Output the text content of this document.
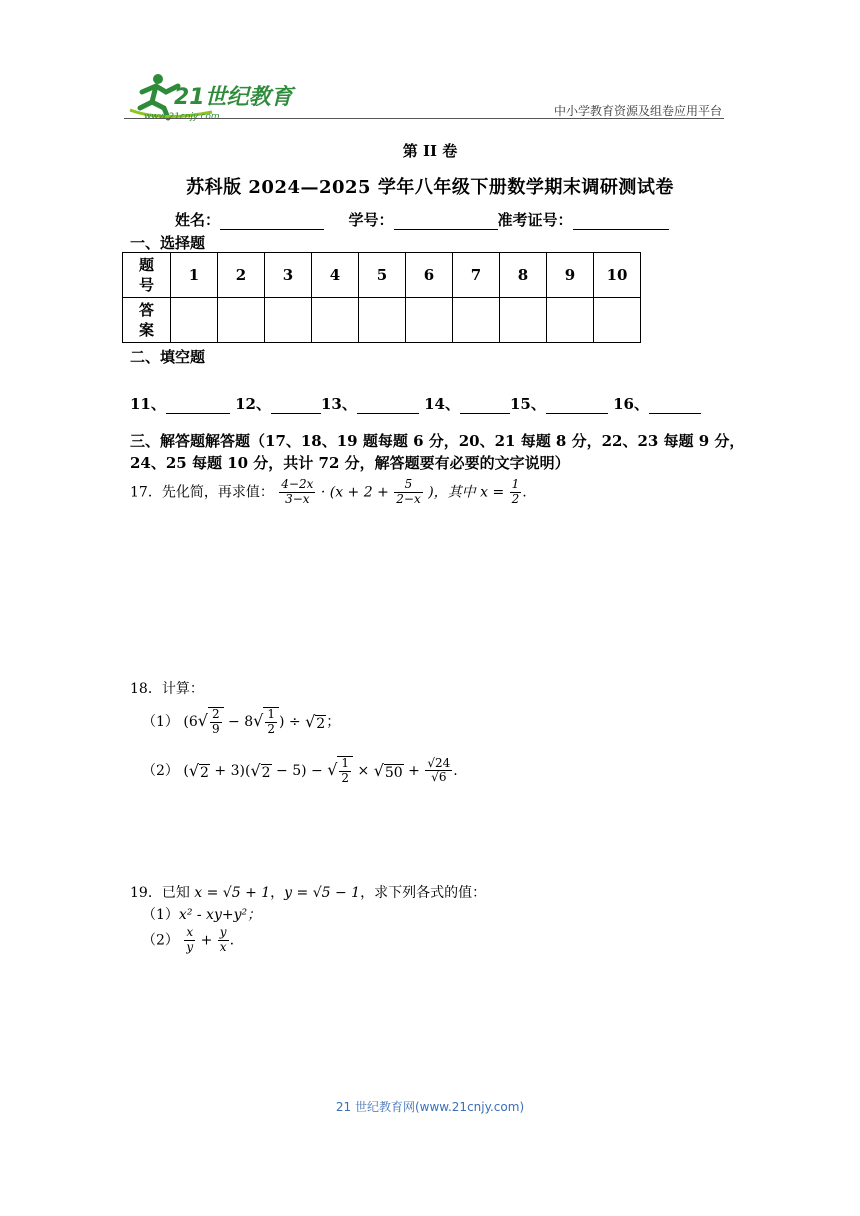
21世纪教育
www.21cnjy.com	中小学教育资源及组卷应用平台
第 II 卷
苏科版 2024—2025 学年八年级下册数学期末调研测试卷
姓名：	学号：	准考证号：
一、选择题
题
号	1	2	3	4	5	6	7	8	9	10
答
案										
二、填空题
11、	12、	13、	14、	15、	16、
三、解答题解答题（17、18、19 题每题 6 分，20、21 每题 8 分，22、23 每题 9 分，24、25 每题 10 分，共计 72 分，解答题要有必要的文字说明）
17．先化简，再求值： $\frac{4-2x}{3-x} \cdot (x + 2 + \frac{5}{2-x}$ )，其中 $x = \frac{1}{2}$ .
18．计算：
（1） ($6√ \frac{2}{9} - 8√ \frac{1}{2}$ ) ÷ √2；
（2） (√2 + 3)(√2 − 5) − √ $\frac{1}{2} \times √50 + \frac{√24}{√6}$ .
19．已知 x = √5 + 1，y = √5 − 1，求下列各式的值：
（1）x² - xy+y²；
$(2) \frac{x}{y} + \frac{y}{x}$ .
21 世纪教育网(www.21cnjy.com)
